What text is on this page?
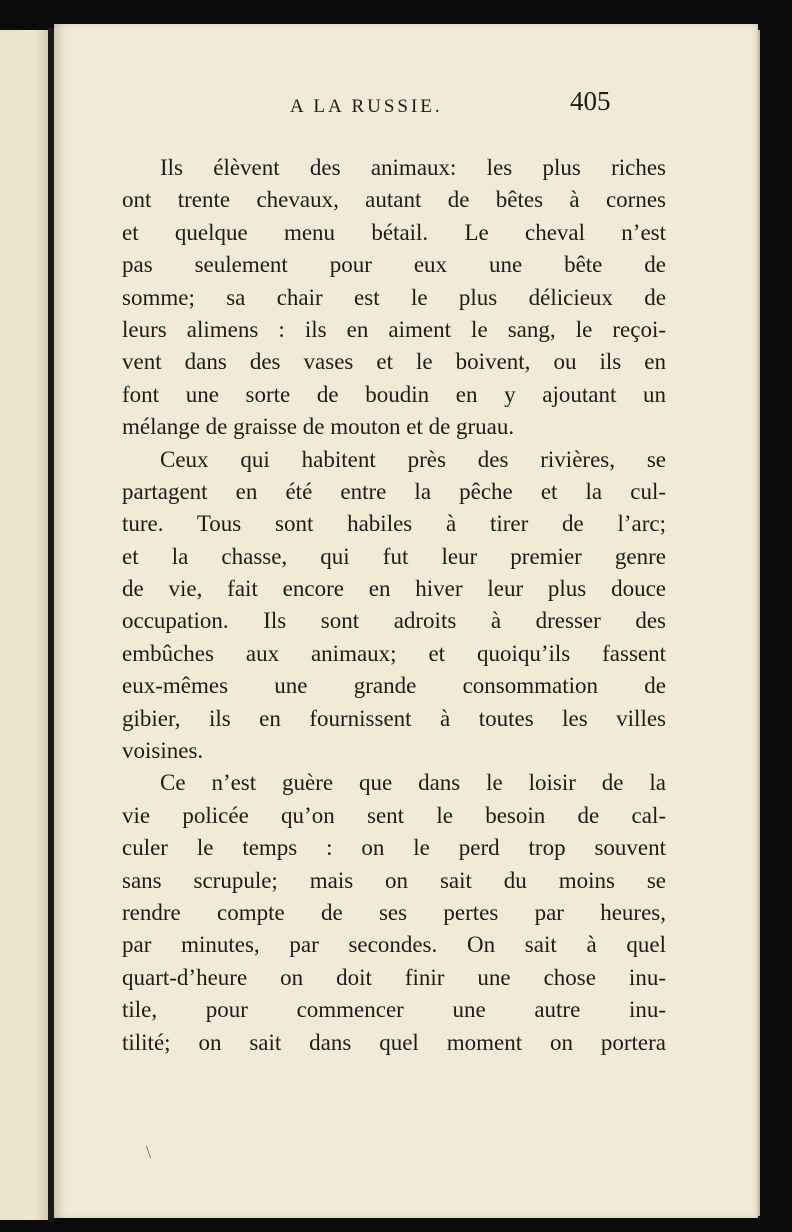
A LA RUSSIE.	405
Ils élèvent des animaux: les plus riches
ont trente chevaux, autant de bêtes à cornes
et quelque menu bétail. Le cheval n’est
pas seulement pour eux une bête de
somme; sa chair est le plus délicieux de
leurs alimens : ils en aiment le sang, le reçoi-
vent dans des vases et le boivent, ou ils en
font une sorte de boudin en y ajoutant un
mélange de graisse de mouton et de gruau.
Ceux qui habitent près des rivières, se
partagent en été entre la pêche et la cul-
ture. Tous sont habiles à tirer de l’arc;
et la chasse, qui fut leur premier genre
de vie, fait encore en hiver leur plus douce
occupation. Ils sont adroits à dresser des
embûches aux animaux; et quoiqu’ils fassent
eux-mêmes une grande consommation de
gibier, ils en fournissent à toutes les villes
voisines.
Ce n’est guère que dans le loisir de la
vie policée qu’on sent le besoin de cal-
culer le temps : on le perd trop souvent
sans scrupule; mais on sait du moins se
rendre compte de ses pertes par heures,
par minutes, par secondes. On sait à quel
quart-d’heure on doit finir une chose inu-
tile, pour commencer une autre inu-
tilité; on sait dans quel moment on portera
\
